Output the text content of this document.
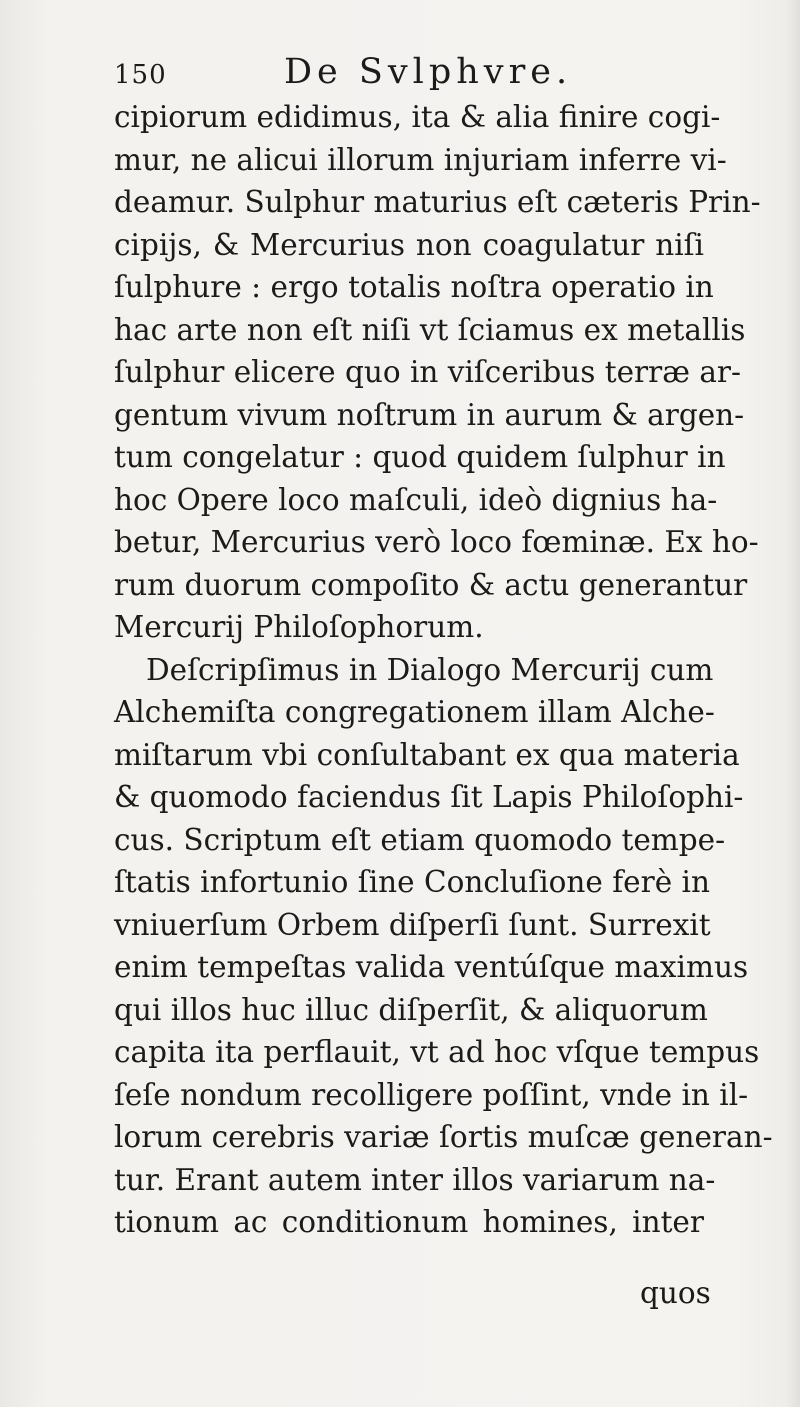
150	De Svlphvre.
cipiorum edidimus, ita & alia finire cogi-
mur, ne alicui illorum injuriam inferre vi-
deamur. Sulphur maturius eſt cæteris Prin-
cipijs, & Mercurius non coagulatur niſi
ſulphure : ergo totalis noſtra operatio in
hac arte non eſt niſi vt ſciamus ex metallis
ſulphur elicere quo in viſceribus terræ ar-
gentum vivum noſtrum in aurum & argen-
tum congelatur : quod quidem ſulphur in
hoc Opere loco maſculi, ideò dignius ha-
betur, Mercurius verò loco fœminæ. Ex ho-
rum duorum compoſito & actu generantur
Mercurij Philoſophorum.
Deſcripſimus in Dialogo Mercurij cum
Alchemiſta congregationem illam Alche-
miſtarum vbi conſultabant ex qua materia
& quomodo faciendus ſit Lapis Philoſophi-
cus. Scriptum eſt etiam quomodo tempe-
ſtatis infortunio ſine Concluſione ferè in
vniuerſum Orbem diſperſi ſunt. Surrexit
enim tempeſtas valida ventúſque maximus
qui illos huc illuc diſperſit, & aliquorum
capita ita perflauit, vt ad hoc vſque tempus
ſeſe nondum recolligere poſſint, vnde in il-
lorum cerebris variæ ſortis muſcæ generan-
tur. Erant autem inter illos variarum na-
tionum ac conditionum homines, inter
quos
